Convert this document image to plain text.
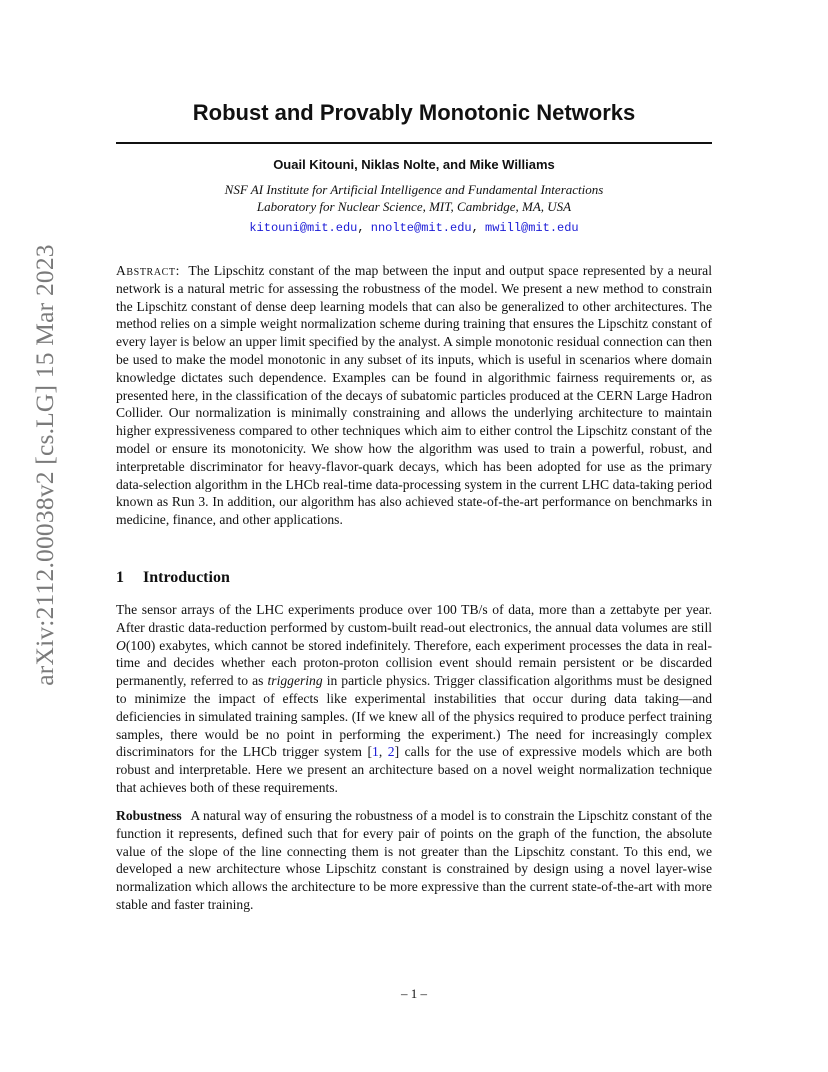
arXiv:2112.00038v2 [cs.LG] 15 Mar 2023
Robust and Provably Monotonic Networks
Ouail Kitouni, Niklas Nolte, and Mike Williams
NSF AI Institute for Artificial Intelligence and Fundamental Interactions
Laboratory for Nuclear Science, MIT, Cambridge, MA, USA
kitouni@mit.edu, nnolte@mit.edu, mwill@mit.edu
Abstract: The Lipschitz constant of the map between the input and output space represented by a neural network is a natural metric for assessing the robustness of the model. We present a new method to constrain the Lipschitz constant of dense deep learning models that can also be generalized to other architectures. The method relies on a simple weight normalization scheme during training that ensures the Lipschitz constant of every layer is below an upper limit specified by the analyst. A simple monotonic residual connection can then be used to make the model monotonic in any subset of its inputs, which is useful in scenarios where domain knowledge dictates such dependence. Examples can be found in algorithmic fairness requirements or, as presented here, in the classification of the decays of subatomic particles produced at the CERN Large Hadron Collider. Our normalization is minimally constraining and allows the underlying architecture to maintain higher expressiveness compared to other techniques which aim to either control the Lipschitz constant of the model or ensure its monotonicity. We show how the algorithm was used to train a powerful, robust, and interpretable discriminator for heavy-flavor-quark decays, which has been adopted for use as the primary data-selection algorithm in the LHCb real-time data-processing system in the current LHC data-taking period known as Run 3. In addition, our algorithm has also achieved state-of-the-art performance on benchmarks in medicine, finance, and other applications.
1 Introduction
The sensor arrays of the LHC experiments produce over 100 TB/s of data, more than a zettabyte per year. After drastic data-reduction performed by custom-built read-out electronics, the annual data volumes are still O(100) exabytes, which cannot be stored indefinitely. Therefore, each experiment processes the data in real-time and decides whether each proton-proton collision event should remain persistent or be discarded permanently, referred to as triggering in particle physics. Trigger classification algorithms must be designed to minimize the impact of effects like experimental instabilities that occur during data taking—and deficiencies in simulated training samples. (If we knew all of the physics required to produce perfect training samples, there would be no point in performing the experiment.) The need for increasingly complex discriminators for the LHCb trigger system [1, 2] calls for the use of expressive models which are both robust and interpretable. Here we present an architecture based on a novel weight normalization technique that achieves both of these requirements.
Robustness A natural way of ensuring the robustness of a model is to constrain the Lipschitz constant of the function it represents, defined such that for every pair of points on the graph of the function, the absolute value of the slope of the line connecting them is not greater than the Lipschitz constant. To this end, we developed a new architecture whose Lipschitz constant is constrained by design using a novel layer-wise normalization which allows the architecture to be more expressive than the current state-of-the-art with more stable and faster training.
– 1 –
